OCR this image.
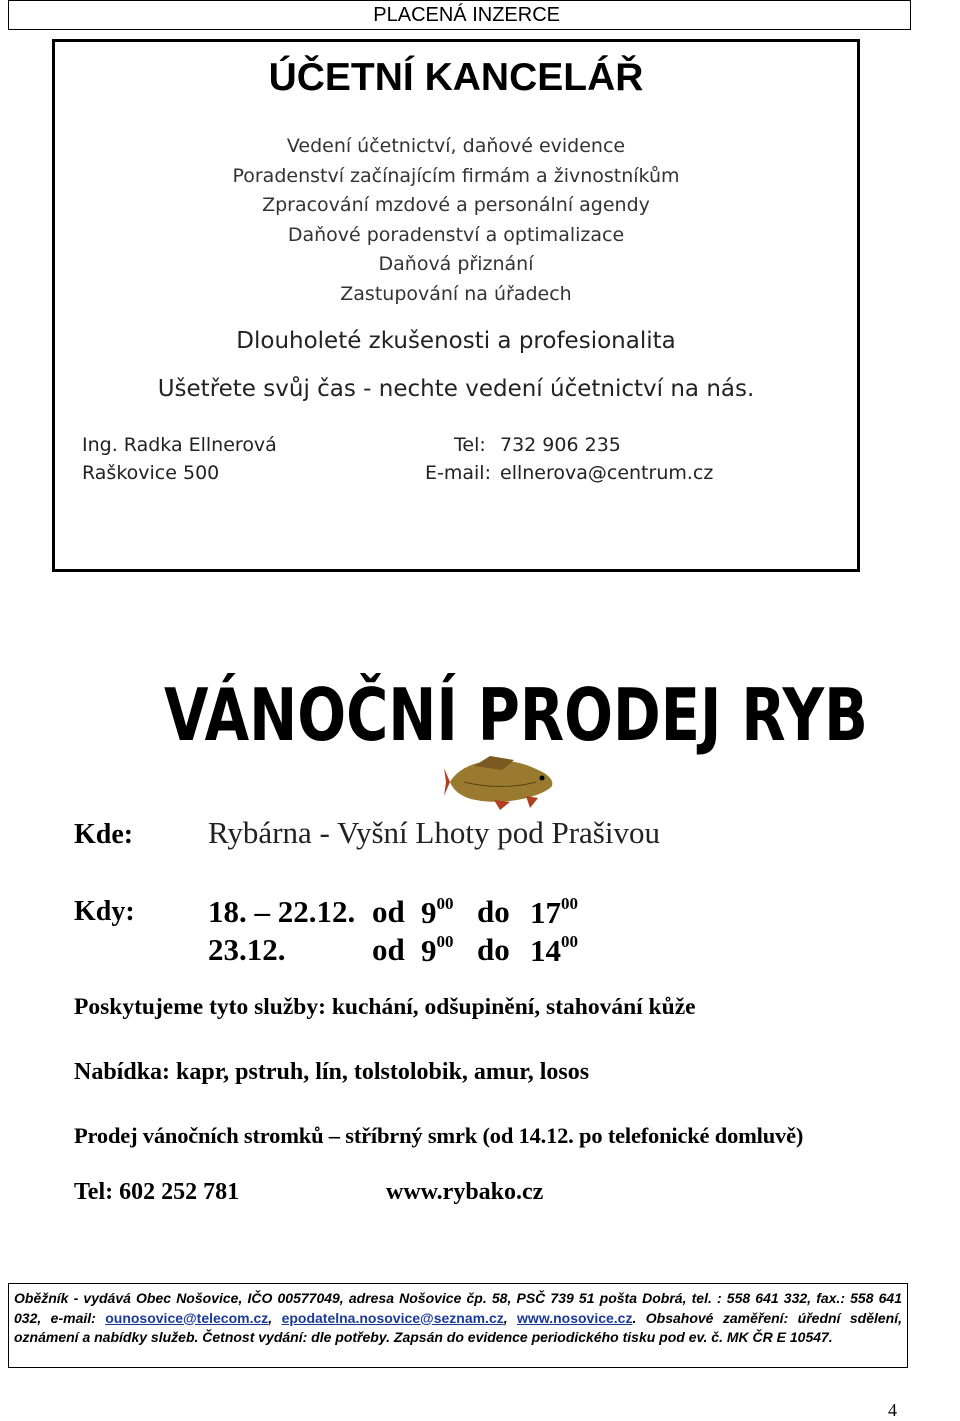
PLACENÁ INZERCE
ÚČETNÍ KANCELÁŘ
Vedení účetnictví, daňové evidence
Poradenství začínajícím firmám a živnostníkům
Zpracování mzdové a personální agendy
Daňové poradenství a optimalizace
Daňová přiznání
Zastupování na úřadech
Dlouholeté zkušenosti a profesionalita
Ušetřete svůj čas - nechte vedení účetnictví na nás.
Ing. Radka Ellnerová
Raškovice 500
Tel: 732 906 235
E-mail: ellnerova@centrum.cz
VÁNOČNÍ PRODEJ RYB
Kde: Rybárna - Vyšní Lhoty pod Prašivou
Kdy: 18. – 22.12. od $9^{00}$ do $17^{00}$
23.12.	od $9^{00}$ do $14^{00}$
Poskytujeme tyto služby: kuchání, odšupinění, stahování kůže
Nabídka: kapr, pstruh, lín, tolstolobik, amur, losos
Prodej vánočních stromků – stříbrný smrk (od 14.12. po telefonické domluvě)
Tel: 602 252 781	www.rybako.cz
Oběžník - vydává Obec Nošovice, IČO 00577049, adresa Nošovice čp. 58, PSČ 739 51 pošta Dobrá, tel. : 558 641 332, fax.: 558 641 032, e-mail: ounosovice@telecom.cz, epodatelna.nosovice@seznam.cz, www.nosovice.cz. Obsahové zaměření: úřední sdělení, oznámení a nabídky služeb. Četnost vydání: dle potřeby. Zapsán do evidence periodického tisku pod ev. č. MK ČR E 10547.
4
